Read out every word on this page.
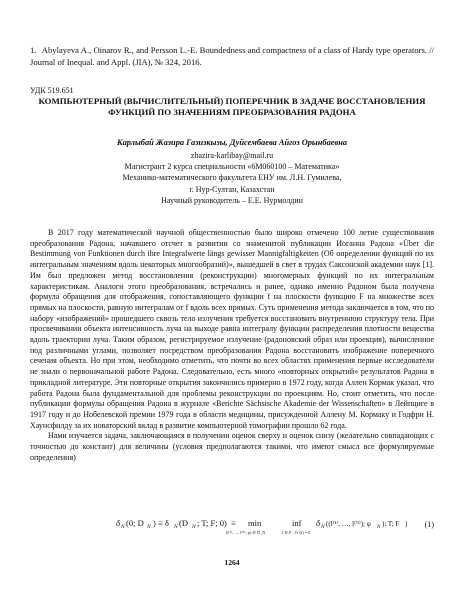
1. Abylayeva A., Oinarov R., and Persson L.-E. Boundedness and compactness of a class of Hardy type operators. // Journal of Inequal. and Appl. (JIA), № 324, 2016.
УДК 519.651
КОМПЬЮТЕРНЫЙ (ВЫЧИСЛИТЕЛЬНЫЙ) ПОПЕРЕЧНИК В ЗАДАЧЕ ВОССТАНОВЛЕНИЯ ФУНКЦИЙ ПО ЗНАЧЕНИЯМ ПРЕОБРАЗОВАНИЯ РАДОНА
Карлыбай Жазира Газизкызы, Дуйсембаева Айгоз Орынбаевна
zhazira-karlibay@mail.ru
Магистрант 2 курса специальности «6М060100 – Математика»
Механико-математического факультета ЕНУ им. Л.Н. Гумилева,
г. Нур-Султан, Казахстан
Научный руководитель – Е.Е. Нурмолдин

В 2017 году математической научной общественностью было широко отмечено 100 летие существования преобразования Радона, начавшего отсчет в развитии со знаменитой публикации Иоганна Радона «Über die Bestimmung von Funktionen durch ihre Integralwerte längs gewisser Mannigfaltigkeiten (Об определении функций по их интегральным значениям вдоль некоторых многообразий)», вышедшей в свет в трудах Саксонской академии наук [1]. Им был предложен метод восстановления (реконструкции) многомерных функций по их интегральным характеристикам. Аналоги этого преобразования, встречались и ранее, однако именно Радоном была получена формула обращения для отображения, сопоставляющего функции f на плоскости функцию F на множестве всех прямых на плоскости, равную интегралам от f вдоль всех прямых. Суть применения метода заключается в том, что по набору «изображений» прошедшего сквозь тело излучения требуется восстановить внутреннюю структуру тела. При просвечивании объекта интенсивность луча на выходе равна интегралу функции распределения плотности вещества вдоль траектории луча. Таким образом, регистрируемое излучение (радоновский образ или проекция), вычисленное под различными углами, позволяет посредством преобразования Радона восстановить изображение поперечного сечения объекта. Но при этом, необходимо отметить, что почти во всех областях применения первые исследователи не знали о первоначальной работе Радона. Следовательно, есть много «повторных открытий» результатов Радона в прикладной литературе. Эти повторные открытия закончились примерно в 1972 году, когда Аллен Кормак указал, что работа Радона была фундаментальной для проблемы реконструкции по проекциям. Но, стоит отметить, что после публикации формулы обращения Радона в журнале «Berichte Sächsische Akademie der Wissenschaften» в Лейпциге в 1917 году и до Нобелевской премии 1979 года в области медицины, присужденной Аллену М. Кормаку и Годфри Н. Хаунсфилду за их новаторский вклад в развитие компьютерной томографии прошло 62 года.

Нами изучается задача, заключающаяся в получении оценок сверху и оценок снизу (желательно совпадающих с точностью до констант) для величины (условия предполагаются такими, что имеют смысл все формулируемые определения)

δ N (0; D N ) ≡ δ N (D N ; T; F; 0) ≡ min
(l⁽¹⁾, …, l⁽ᴺ⁾; φ) ∈ D_N
inf
f ∈ F : l⁽τ⁾(f) = 0
δ N ((l⁽¹⁾, …, l⁽ᴺ⁾); φ N ); T; F ) (1)
1264
